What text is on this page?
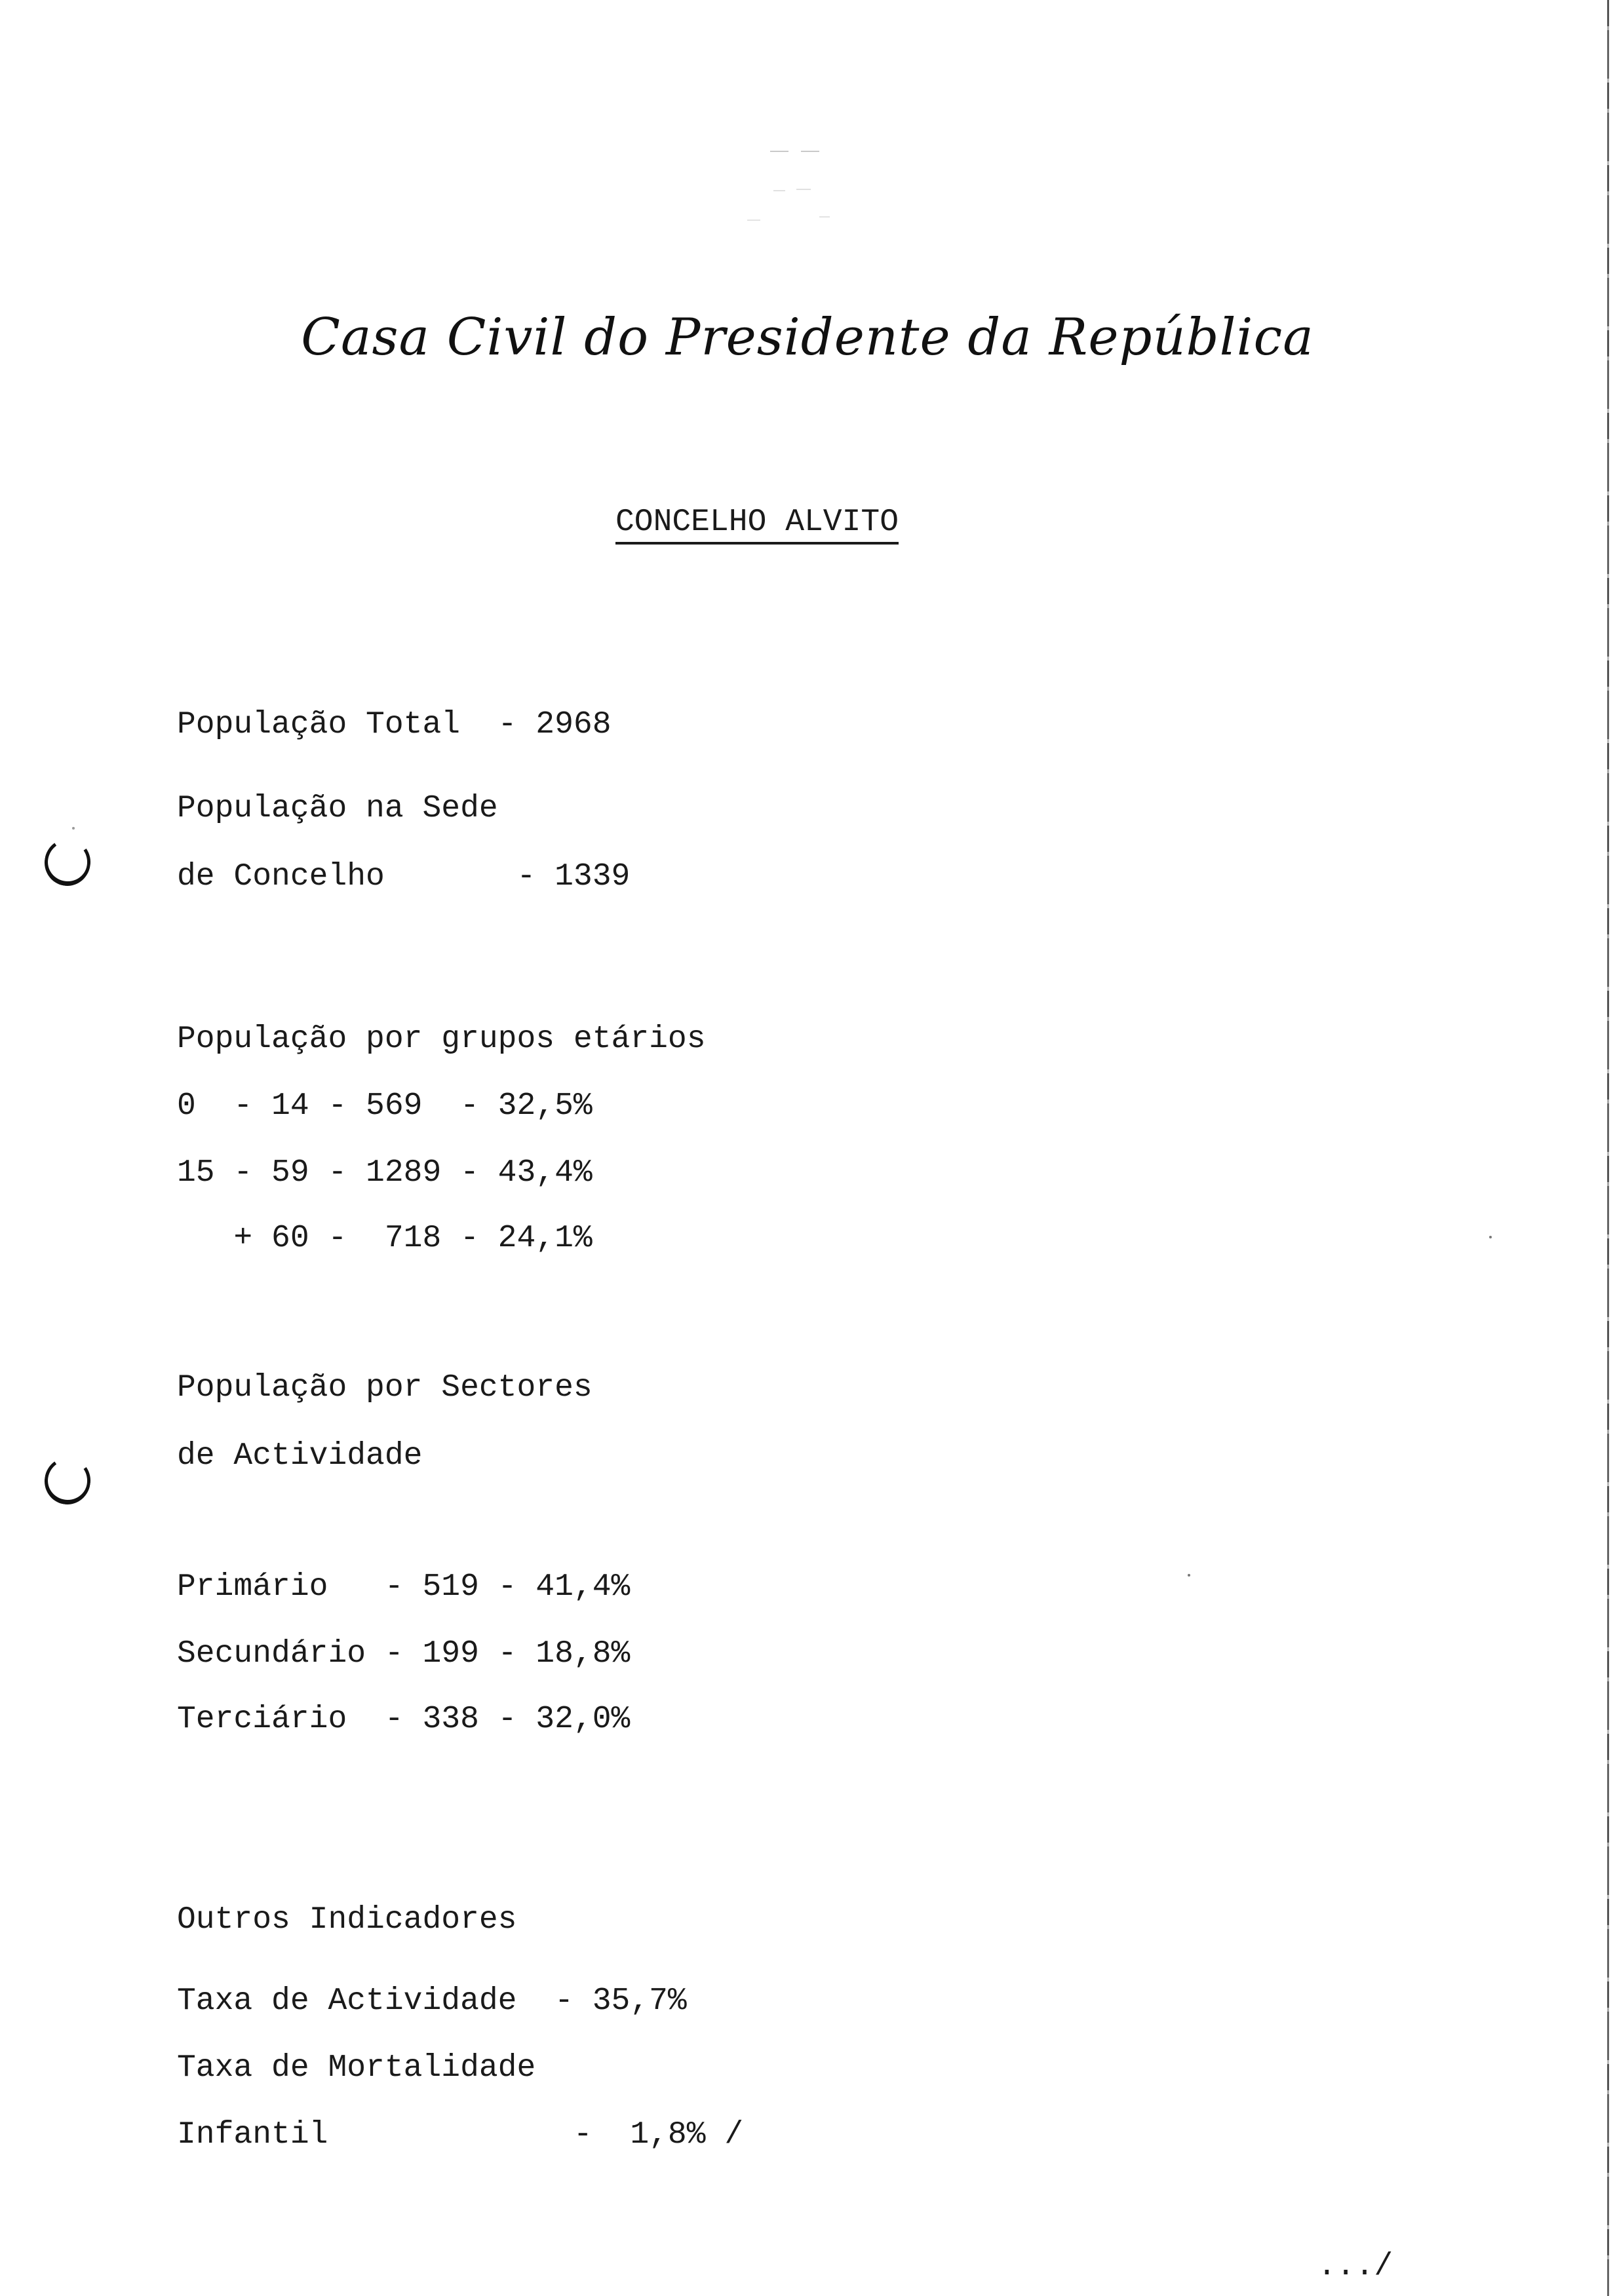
Casa Civil do Presidente da República
CONCELHO ALVITO
População Total  - 2968
População na Sede
de Concelho       - 1339
População por grupos etários
0  - 14 - 569  - 32,5%
15 - 59 - 1289 - 43,4%
+ 60 -  718 - 24,1%
População por Sectores
de Actividade
Primário   - 519 - 41,4%
Secundário - 199 - 18,8%
Terciário  - 338 - 32,0%
Outros Indicadores
Taxa de Actividade  - 35,7%
Taxa de Mortalidade
Infantil             -  1,8% /
.../
